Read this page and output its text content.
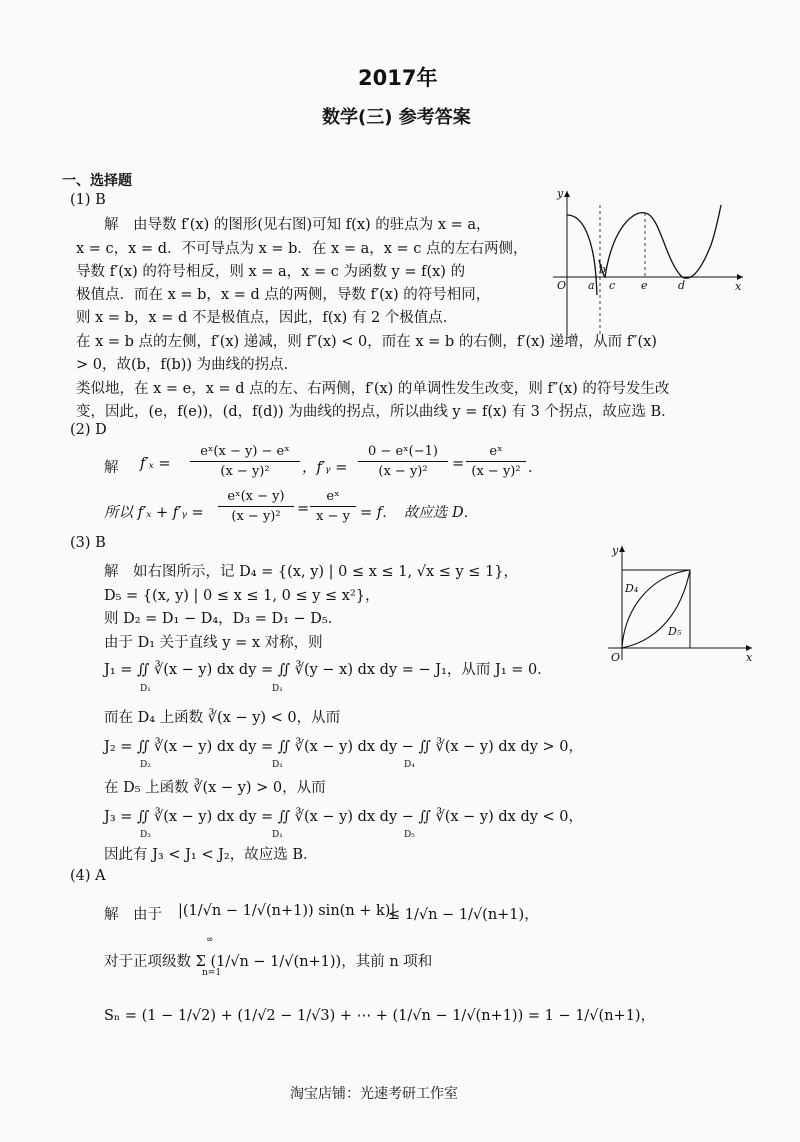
2017年
数学(三) 参考答案
一、选择题
(1) B
解　由导数 f′(x) 的图形(见右图)可知 f(x) 的驻点为 x = a，
x = c，x = d．不可导点为 x = b．在 x = a，x = c 点的左右两侧，
导数 f′(x) 的符号相反，则 x = a，x = c 为函数 y = f(x) 的
极值点．而在 x = b，x = d 点的两侧，导数 f′(x) 的符号相同，
则 x = b，x = d 不是极值点，因此，f(x) 有 2 个极值点．
在 x = b 点的左侧，f′(x) 递减，则 f″(x) < 0，而在 x = b 的右侧，f′(x) 递增，从而 f″(x)
> 0，故(b，f(b)) 为曲线的拐点．
类似地，在 x = e，x = d 点的左、右两侧，f′(x) 的单调性发生改变，则 f″(x) 的符号发生改
变，因此，(e，f(e))，(d，f(d)) 为曲线的拐点，所以曲线 y = f(x) 有 3 个拐点，故应选 B．
y
x
O a
b
c e	d
(2) D
解 f′ₓ =
eˣ(x − y) − eˣ
(x − y)²	，f′ᵧ =
0 − eˣ(−1)
(x − y)²	=
eˣ
(x − y)² ．
所以 f′ₓ + f′ᵧ =
eˣ(x − y)
(x − y)²	=
eˣ
x − y = f．　故应选 D．
(3) B
解　如右图所示，记 D₄ = {(x, y) | 0 ≤ x ≤ 1, √x ≤ y ≤ 1}，
D₅ = {(x, y) | 0 ≤ x ≤ 1, 0 ≤ y ≤ x²}，
则 D₂ = D₁ − D₄，D₃ = D₁ − D₅．
由于 D₁ 关于直线 y = x 对称，则
J₁ = ∬ ∛(x − y) dx dy = ∬ ∛(y − x) dx dy = − J₁，从而 J₁ = 0．
D₁	D₁
而在 D₄ 上函数 ∛(x − y) < 0，从而
J₂ = ∬ ∛(x − y) dx dy = ∬ ∛(x − y) dx dy − ∬ ∛(x − y) dx dy > 0，
D₂	D₁	D₄
在 D₅ 上函数 ∛(x − y) > 0，从而
J₃ = ∬ ∛(x − y) dx dy = ∬ ∛(x − y) dx dy − ∬ ∛(x − y) dx dy < 0，
D₃	D₁	D₅
因此有 J₃ < J₁ < J₂，故应选 B．
y
x
O
D₄
D₅
(4) A
解　由于 |(1/√n − 1/√(n+1)) sin(n + k)|
≤ 1/√n − 1/√(n+1)，
对于正项级数 Σ (1/√n − 1/√(n+1))，其前 n 项和
∞
n=1
Sₙ = (1 − 1/√2) + (1/√2 − 1/√3) + ⋯ + (1/√n − 1/√(n+1)) = 1 − 1/√(n+1)，
淘宝店铺：光速考研工作室
